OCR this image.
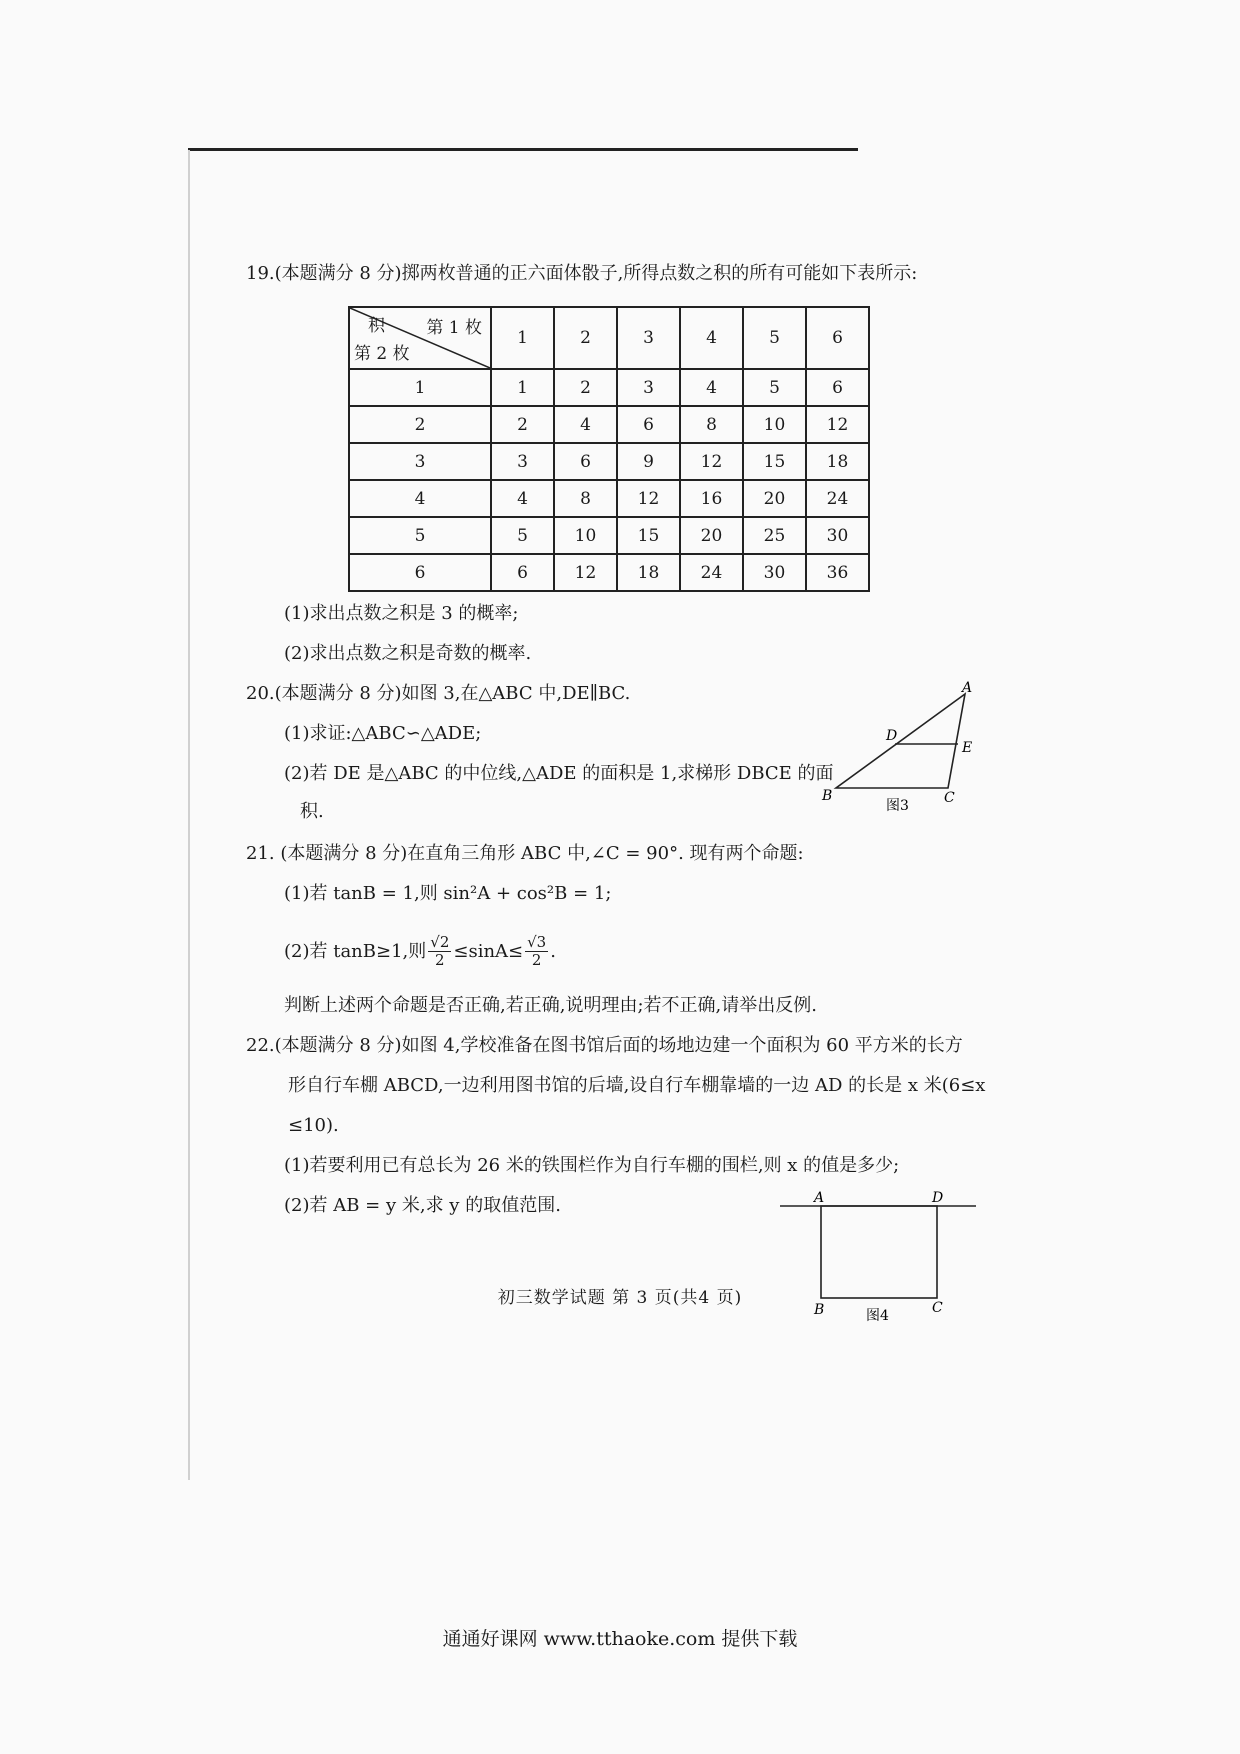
19.(本题满分 8 分)掷两枚普通的正六面体骰子,所得点数之积的所有可能如下表所示:
积 第 1 枚
第 2 枚	1	2	3	4	5	6
1	1	2	3	4	5	6
2	2	4	6	8	10	12
3	3	6	9	12	15	18
4	4	8	12	16	20	24
5	5	10	15	20	25	30
6	6	12	18	24	30	36
(1)求出点数之积是 3 的概率;
(2)求出点数之积是奇数的概率.
20.(本题满分 8 分)如图 3,在△ABC 中,DE∥BC.
(1)求证:△ABC∽△ADE;
(2)若 DE 是△ABC 的中位线,△ADE 的面积是 1,求梯形 DBCE 的面
积.
A
B	C
D
E
图3
21. (本题满分 8 分)在直角三角形 ABC 中,∠C = 90°. 现有两个命题:
(1)若 tanB = 1,则 sin²A + cos²B = 1;
(2)若 tanB≥1,则 $\frac{√2}{2} \le\sin A\le \frac{√3}{2}$ .
判断上述两个命题是否正确,若正确,说明理由;若不正确,请举出反例.
22.(本题满分 8 分)如图 4,学校准备在图书馆后面的场地边建一个面积为 60 平方米的长方
形自行车棚 ABCD,一边利用图书馆的后墙,设自行车棚靠墙的一边 AD 的长是 x 米(6≤x
≤10).
(1)若要利用已有总长为 26 米的铁围栏作为自行车棚的围栏,则 x 的值是多少;
(2)若 AB = y 米,求 y 的取值范围.	A	D
B	C
图4
初三数学试题 第 3 页(共4 页)
通通好课网 www.tthaoke.com 提供下载
